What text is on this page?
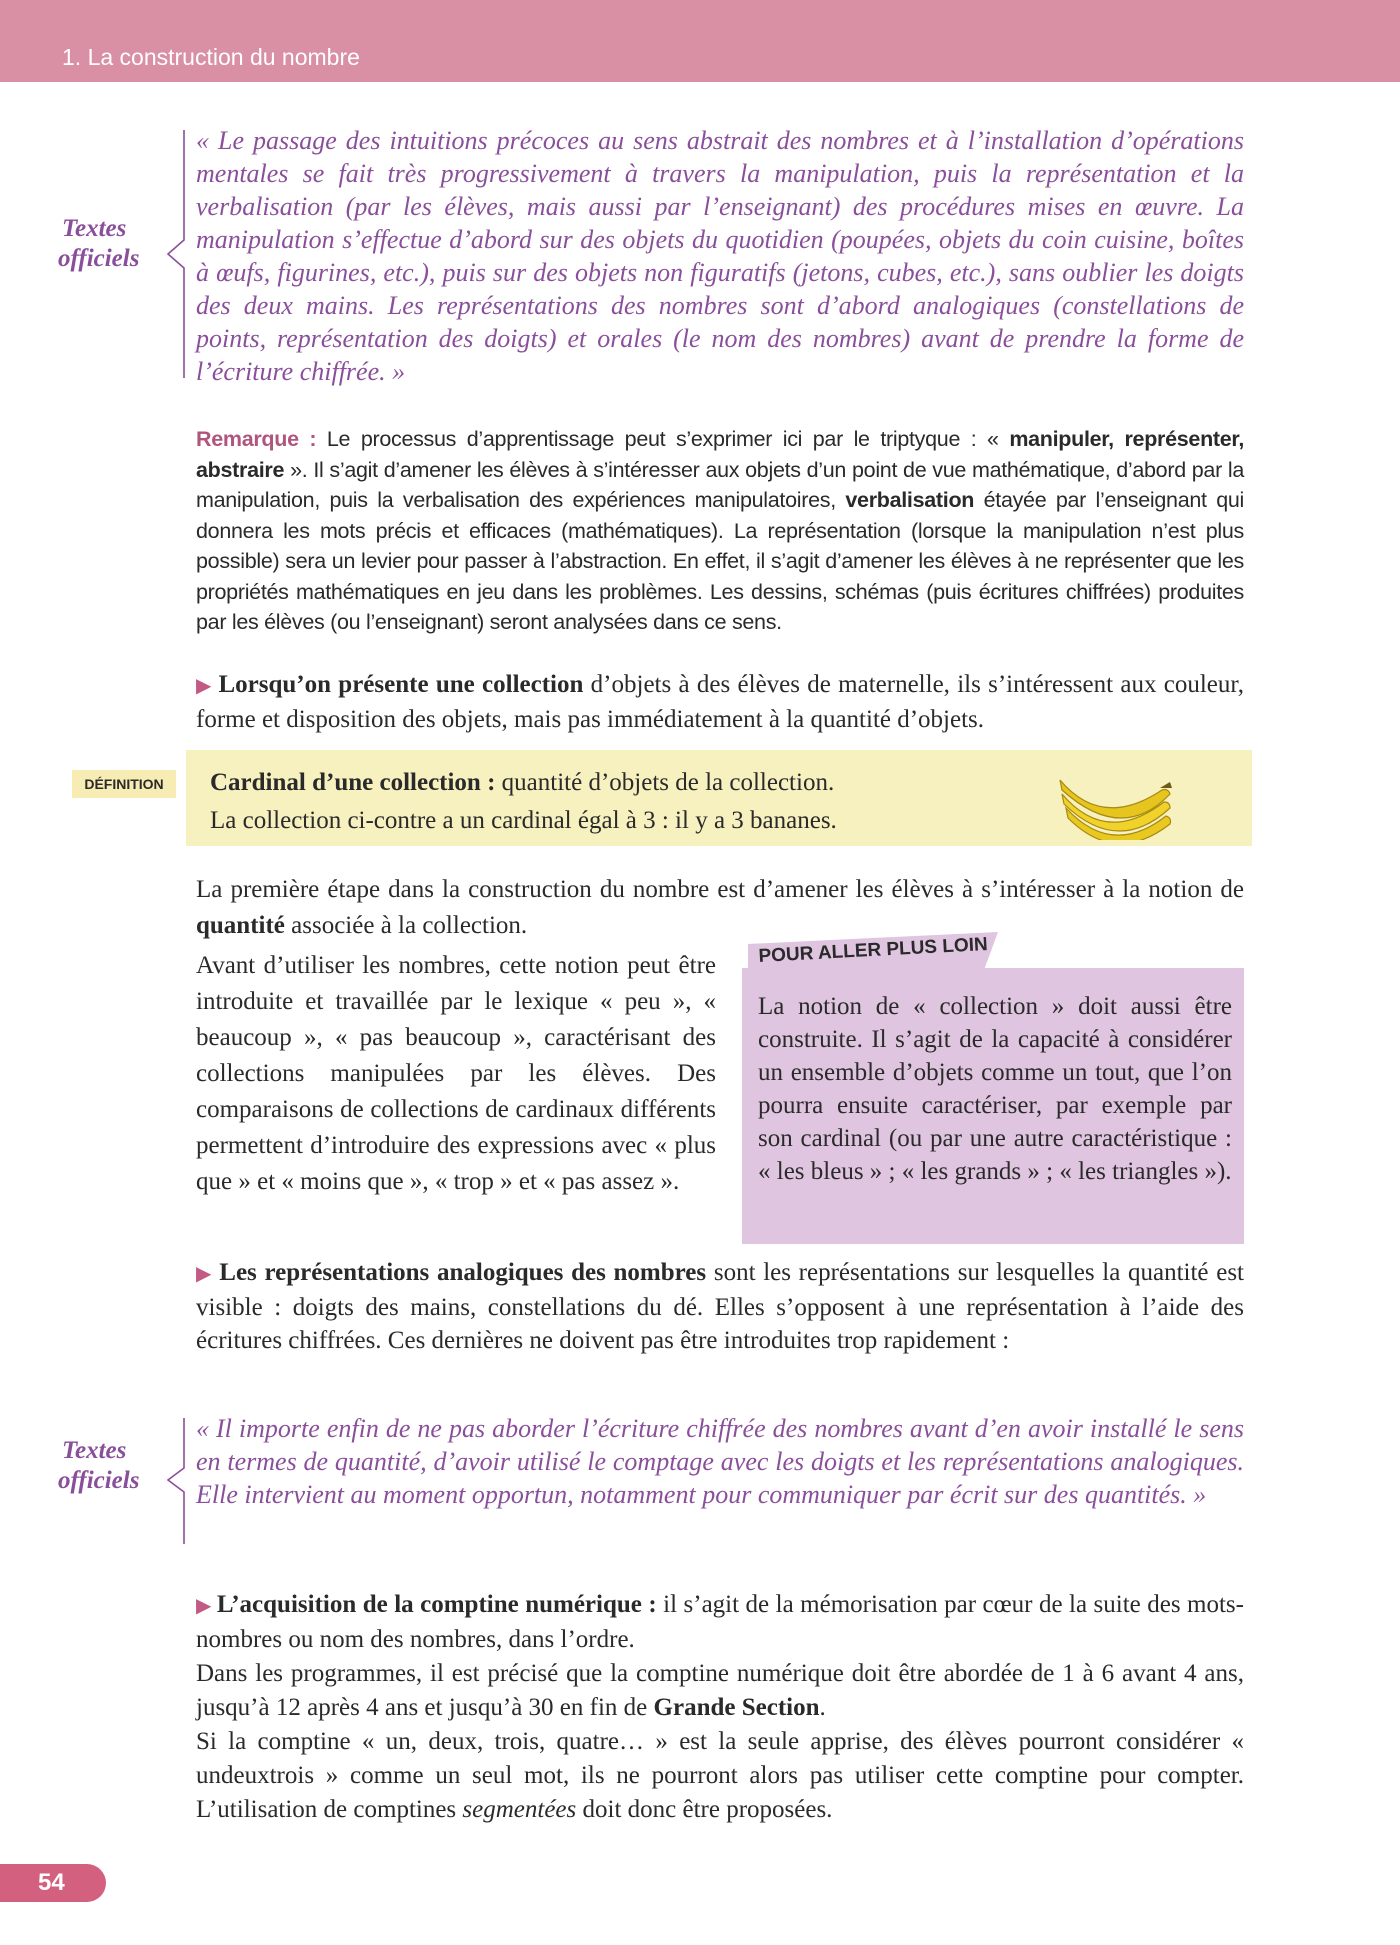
1. La construction du nombre
Textes
officiels
« Le passage des intuitions précoces au sens abstrait des nombres et à l’installation d’opérations mentales se fait très progressivement à travers la manipulation, puis la représentation et la verbalisation (par les élèves, mais aussi par l’enseignant) des procédures mises en œuvre. La manipulation s’effectue d’abord sur des objets du quotidien (poupées, objets du coin cuisine, boîtes à œufs, figurines, etc.), puis sur des objets non figuratifs (jetons, cubes, etc.), sans oublier les doigts des deux mains. Les représentations des nombres sont d’abord analogiques (constellations de points, représentation des doigts) et orales (le nom des nombres) avant de prendre la forme de l’écriture chiffrée. »
Remarque : Le processus d’apprentissage peut s’exprimer ici par le triptyque : « manipuler, représenter, abstraire ». Il s’agit d’amener les élèves à s’intéresser aux objets d’un point de vue mathématique, d’abord par la manipulation, puis la verbalisation des expériences manipulatoires, verbalisation étayée par l’enseignant qui donnera les mots précis et efficaces (mathématiques). La représentation (lorsque la manipulation n’est plus possible) sera un levier pour passer à l’abstraction. En effet, il s’agit d’amener les élèves à ne représenter que les propriétés mathématiques en jeu dans les problèmes. Les dessins, schémas (puis écritures chiffrées) produites par les élèves (ou l’enseignant) seront analysées dans ce sens.
▶ Lorsqu’on présente une collection d’objets à des élèves de maternelle, ils s’intéressent aux couleur, forme et disposition des objets, mais pas immédiatement à la quantité d’objets.
DÉFINITION	Cardinal d’une collection : quantité d’objets de la collection.
La collection ci-contre a un cardinal égal à 3 : il y a 3 bananes.
La première étape dans la construction du nombre est d’amener les élèves à s’intéresser à la notion de quantité associée à la collection.
Avant d’utiliser les nombres, cette notion peut être introduite et travaillée par le lexique « peu », « beaucoup », « pas beaucoup », caractérisant des collections manipulées par les élèves. Des comparaisons de collections de cardinaux différents permettent d’introduire des expressions avec « plus que » et « moins que », « trop » et « pas assez ».
La notion de « collection » doit aussi être construite. Il s’agit de la capacité à considérer un ensemble d’objets comme un tout, que l’on pourra ensuite caractériser, par exemple par son cardinal (ou par une autre caractéristique : « les bleus » ; « les grands » ; « les triangles »).
POUR ALLER PLUS LOIN
▶ Les représentations analogiques des nombres sont les représentations sur lesquelles la quantité est visible : doigts des mains, constellations du dé. Elles s’opposent à une représentation à l’aide des écritures chiffrées. Ces dernières ne doivent pas être introduites trop rapidement :
Textes
officiels
« Il importe enfin de ne pas aborder l’écriture chiffrée des nombres avant d’en avoir installé le sens en termes de quantité, d’avoir utilisé le comptage avec les doigts et les représentations analogiques. Elle intervient au moment opportun, notamment pour communiquer par écrit sur des quantités. »
▶ L’acquisition de la comptine numérique : il s’agit de la mémorisation par cœur de la suite des mots-nombres ou nom des nombres, dans l’ordre.
Dans les programmes, il est précisé que la comptine numérique doit être abordée de 1 à 6 avant 4 ans, jusqu’à 12 après 4 ans et jusqu’à 30 en fin de Grande Section.
Si la comptine « un, deux, trois, quatre… » est la seule apprise, des élèves pourront considérer « undeuxtrois » comme un seul mot, ils ne pourront alors pas utiliser cette comptine pour compter. L’utilisation de comptines segmentées doit donc être proposées.
54
